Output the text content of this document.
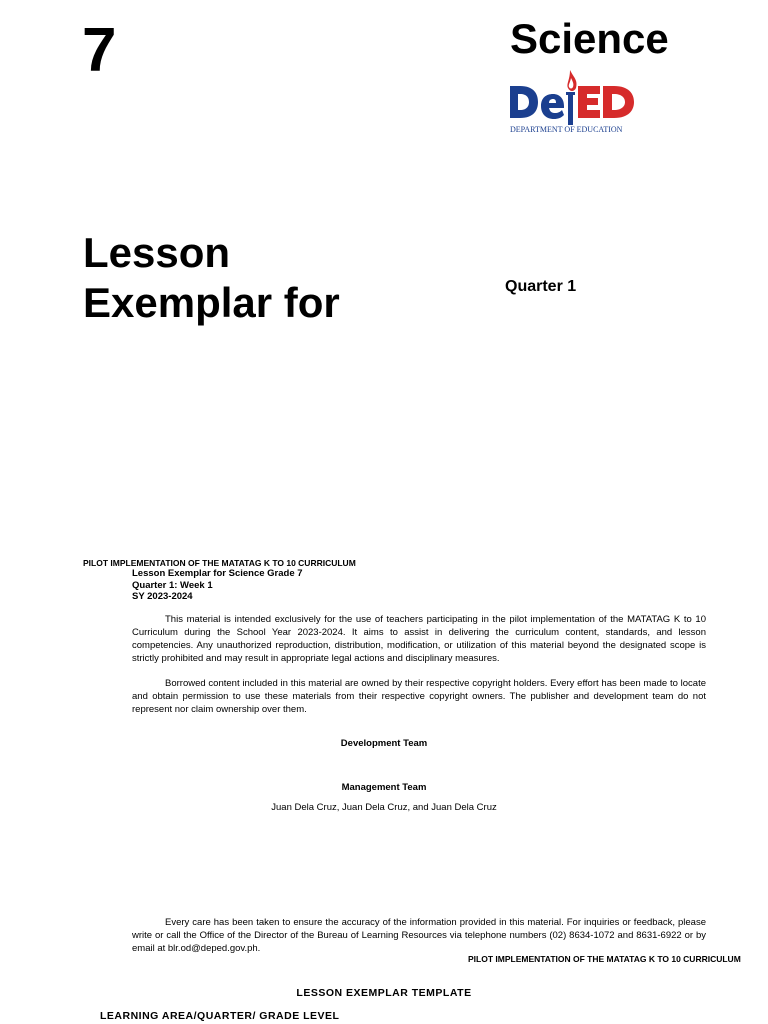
7	Science
DEPARTMENT OF EDUCATION
Lesson
Exemplar for	Quarter 1
PILOT IMPLEMENTATION OF THE MATATAG K TO 10 CURRICULUM
Lesson Exemplar for Science Grade 7
Quarter 1: Week 1
SY 2023-2024
This material is intended exclusively for the use of teachers participating in the pilot implementation of the MATATAG K to 10 Curriculum during the School Year 2023-2024. It aims to assist in delivering the curriculum content, standards, and lesson competencies. Any unauthorized reproduction, distribution, modification, or utilization of this material beyond the designated scope is strictly prohibited and may result in appropriate legal actions and disciplinary measures.
Borrowed content included in this material are owned by their respective copyright holders. Every effort has been made to locate and obtain permission to use these materials from their respective copyright owners. The publisher and development team do not represent nor claim ownership over them.
Development Team
Management Team
Juan Dela Cruz, Juan Dela Cruz, and Juan Dela Cruz
Every care has been taken to ensure the accuracy of the information provided in this material. For inquiries or feedback, please write or call the Office of the Director of the Bureau of Learning Resources via telephone numbers (02) 8634-1072 and 8631-6922 or by email at blr.od@deped.gov.ph.
PILOT IMPLEMENTATION OF THE MATATAG K TO 10 CURRICULUM
LESSON EXEMPLAR TEMPLATE
LEARNING AREA/QUARTER/ GRADE LEVEL
